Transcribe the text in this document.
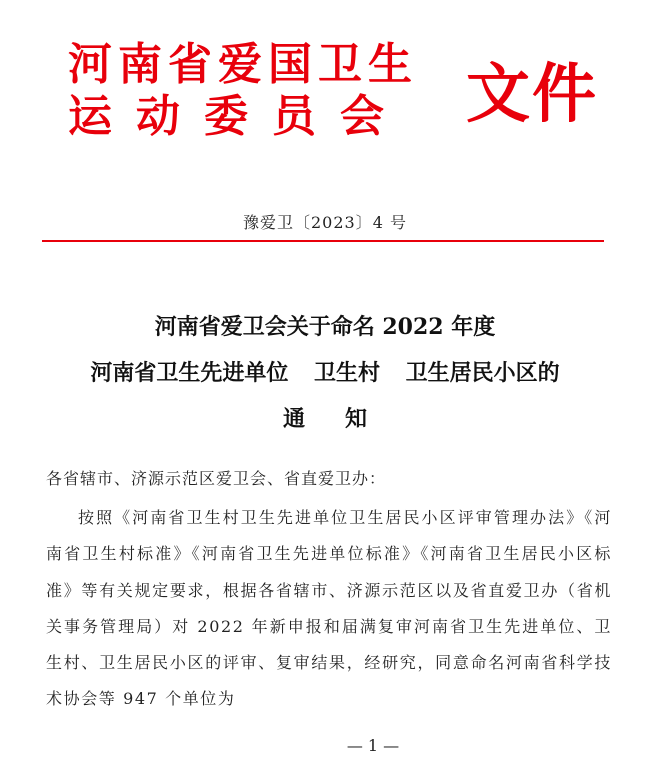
河南省爱国卫生
运动委员会 文件
豫爱卫〔2023〕4 号
河南省爱卫会关于命名 2022 年度
河南省卫生先进单位 卫生村 卫生居民小区的
通知
各省辖市、济源示范区爱卫会、省直爱卫办：
按照《河南省卫生村卫生先进单位卫生居民小区评审管理办法》《河南省卫生村标准》《河南省卫生先进单位标准》《河南省卫生居民小区标准》等有关规定要求，根据各省辖市、济源示范区以及省直爱卫办（省机关事务管理局）对 2022 年新申报和届满复审河南省卫生先进单位、卫生村、卫生居民小区的评审、复审结果，经研究，同意命名河南省科学技术协会等 947 个单位为
— 1 —
